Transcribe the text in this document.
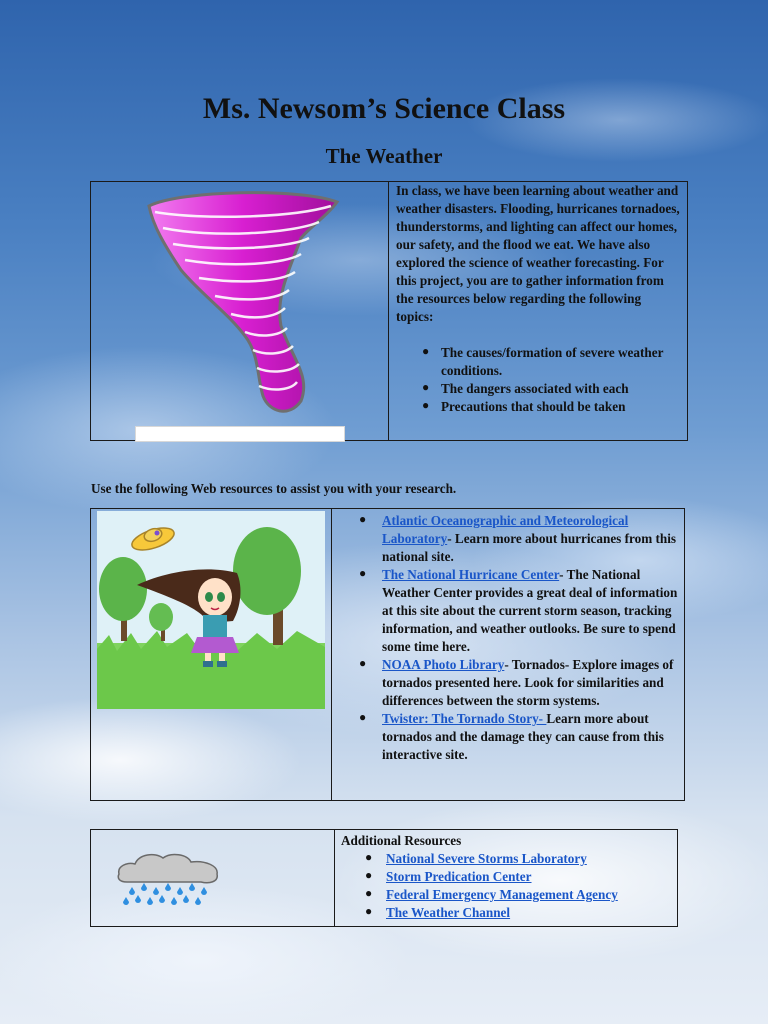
Ms. Newsom’s Science Class
The Weather
In class, we have been learning about weather and weather disasters. Flooding, hurricanes tornadoes, thunderstorms, and lighting can affect our homes, our safety, and the flood we eat. We have also explored the science of weather forecasting. For this project, you are to gather information from the resources below regarding the following topics:
● The causes/formation of severe weather conditions.
● The dangers associated with each
● Precautions that should be taken
Use the following Web resources to assist you with your research.
● Atlantic Oceanographic and Meteorological Laboratory- Learn more about hurricanes from this national site.
● The National Hurricane Center- The National Weather Center provides a great deal of information at this site about the current storm season, tracking information, and weather outlooks. Be sure to spend some time here.
● NOAA Photo Library- Tornados- Explore images of tornados presented here. Look for similarities and differences between the storm systems.
● Twister: The Tornado Story- Learn more about tornados and the damage they can cause from this interactive site.
Additional Resources
● National Severe Storms Laboratory
● Storm Predication Center
● Federal Emergency Management Agency
● The Weather Channel
